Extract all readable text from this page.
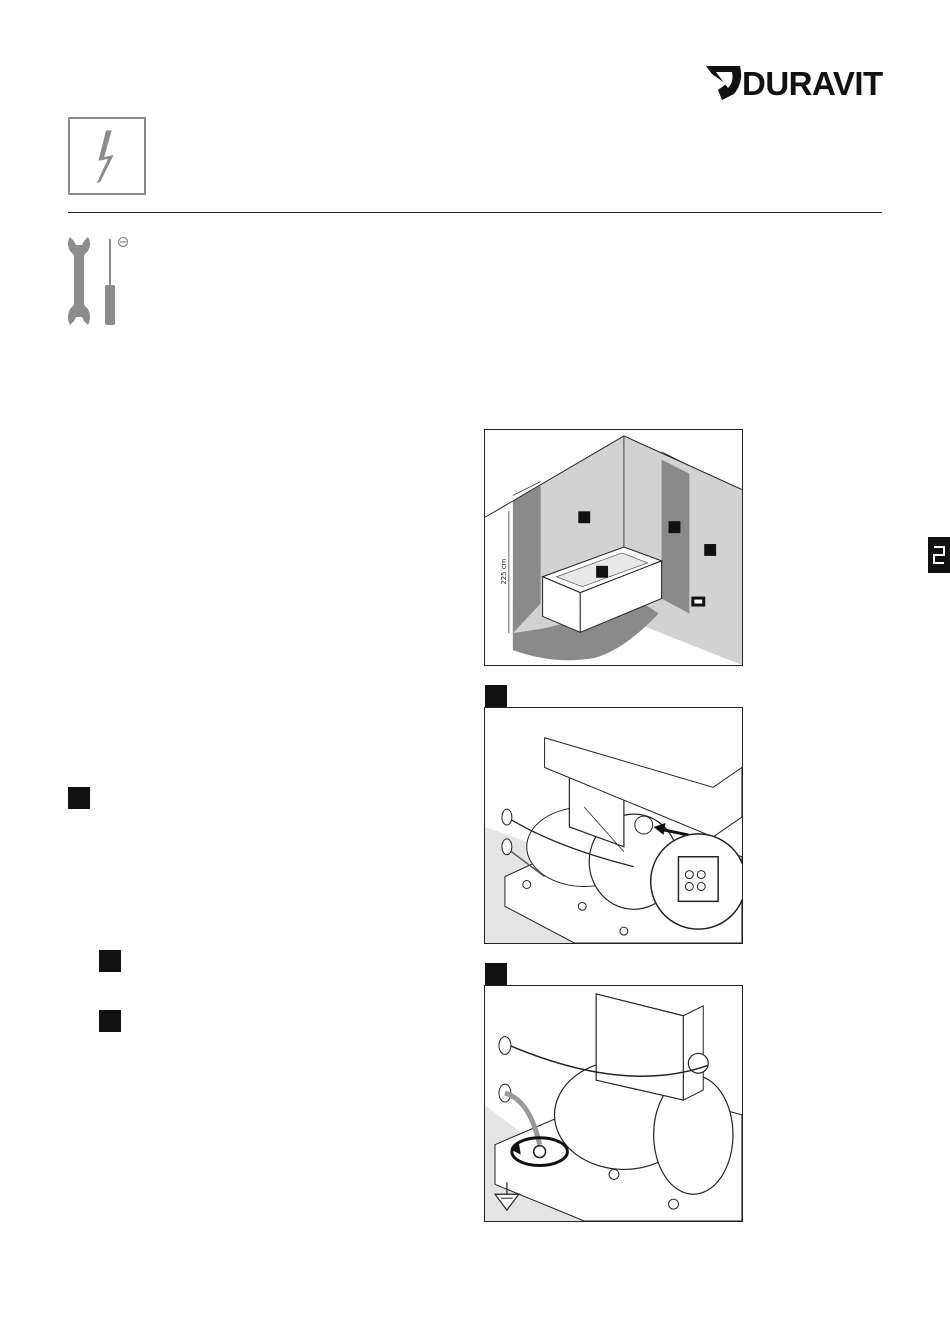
DURAVIT
225 cm
